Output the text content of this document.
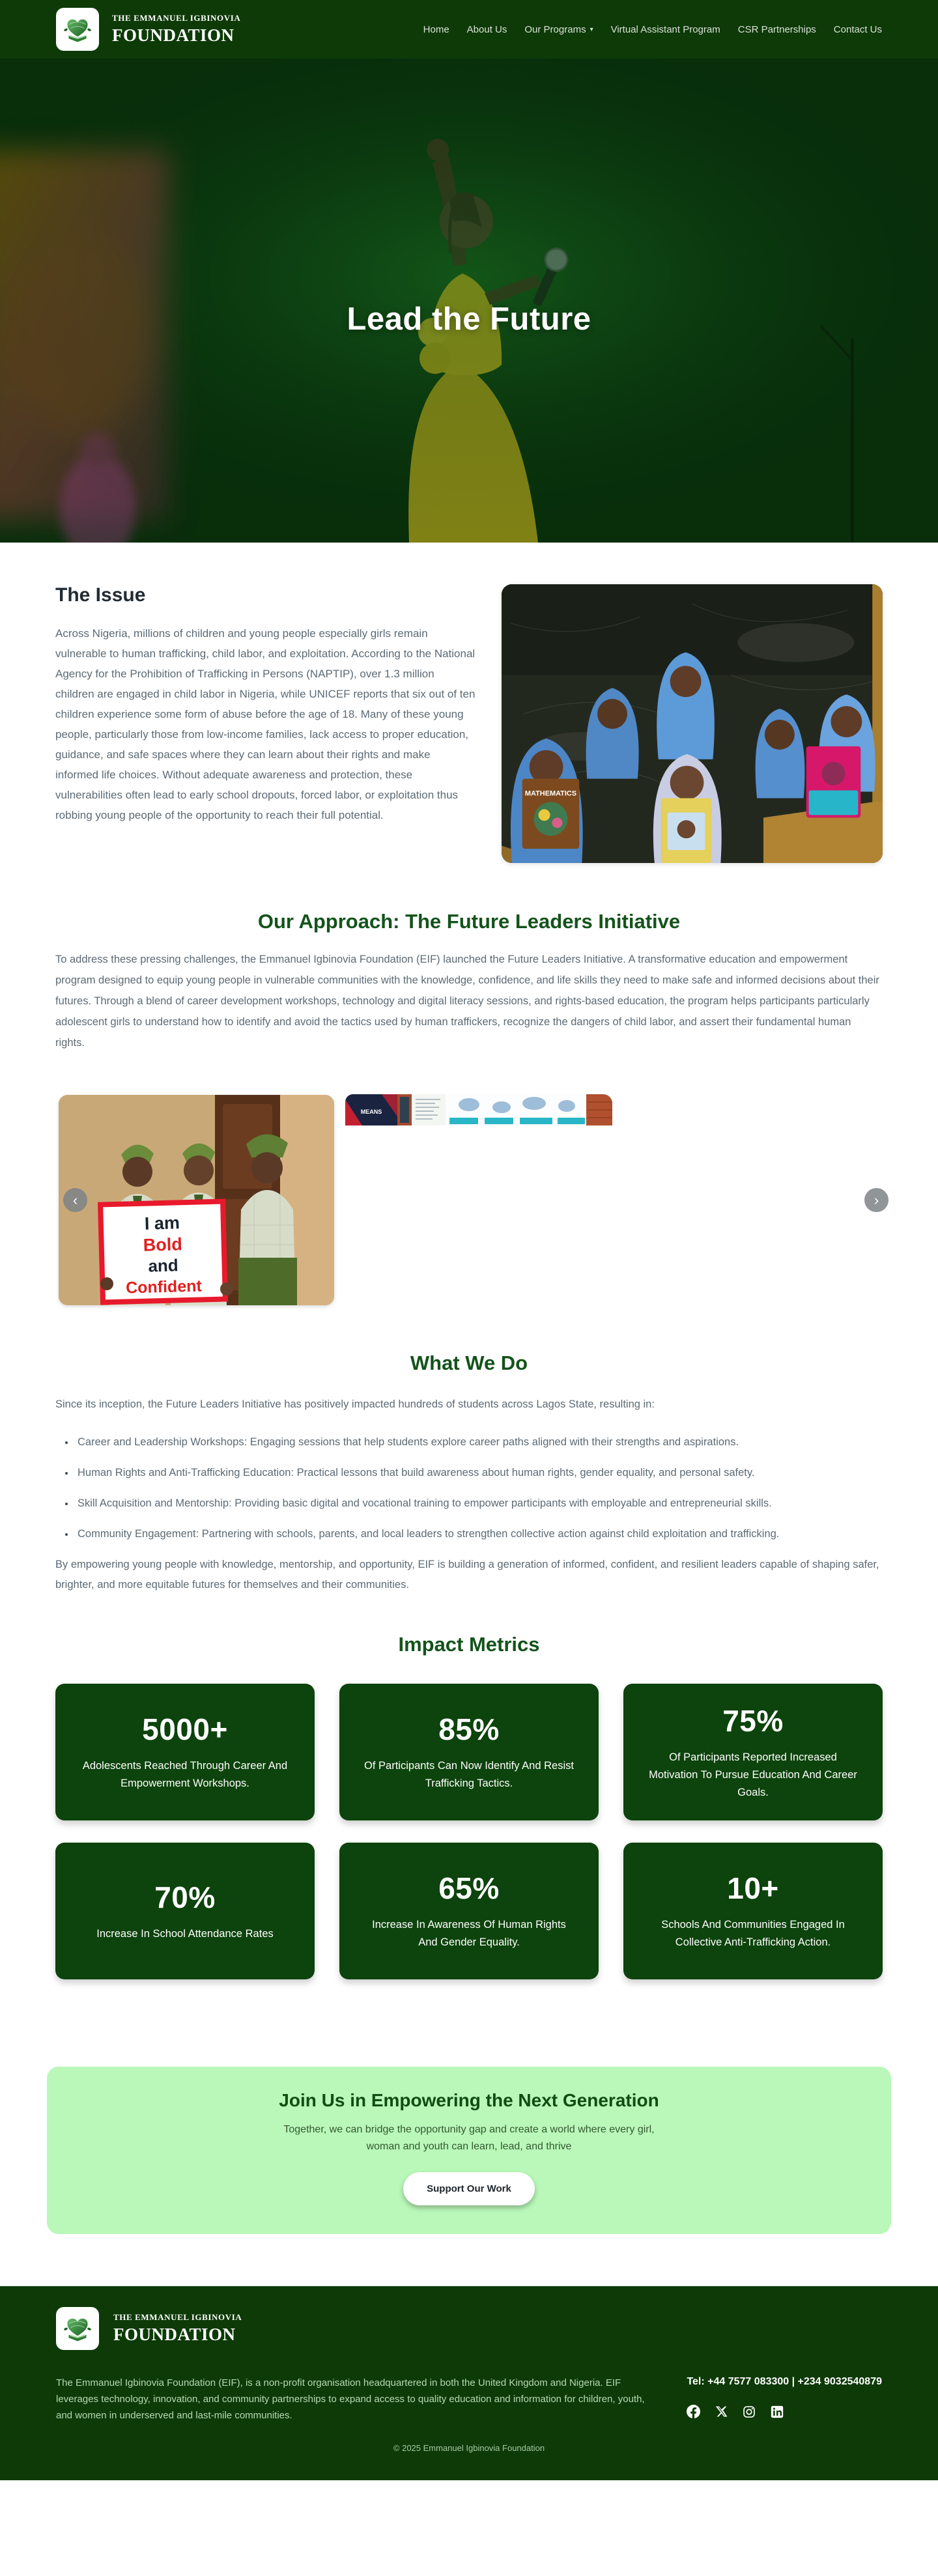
THE EMMANUEL IGBINOVIA
FOUNDATION	Home About Us Our Programs ▾ Virtual Assistant Program CSR Partnerships Contact Us
Lead the Future
The Issue

Across Nigeria, millions of children and young people especially girls remain vulnerable to human trafficking, child labor, and exploitation. According to the National Agency for the Prohibition of Trafficking in Persons (NAPTIP), over 1.3 million children are engaged in child labor in Nigeria, while UNICEF reports that six out of ten children experience some form of abuse before the age of 18. Many of these young people, particularly those from low-income families, lack access to proper education, guidance, and safe spaces where they can learn about their rights and make informed life choices. Without adequate awareness and protection, these vulnerabilities often lead to early school dropouts, forced labor, or exploitation thus robbing young people of the opportunity to reach their full potential.

MATHEMATICS
Our Approach: The Future Leaders Initiative

To address these pressing challenges, the Emmanuel Igbinovia Foundation (EIF) launched the Future Leaders Initiative. A transformative education and empowerment program designed to equip young people in vulnerable communities with the knowledge, confidence, and life skills they need to make safe and informed decisions about their futures. Through a blend of career development workshops, technology and digital literacy sessions, and rights-based education, the program helps participants particularly adolescent girls to understand how to identify and avoid the tactics used by human traffickers, recognize the dangers of child labor, and assert their fundamental human rights.

I am
Bold
and
Confident
MEANS
‹	›
What We Do

Since its inception, the Future Leaders Initiative has positively impacted hundreds of students across Lagos State, resulting in:

• Career and Leadership Workshops: Engaging sessions that help students explore career paths aligned with their strengths and aspirations.
• Human Rights and Anti-Trafficking Education: Practical lessons that build awareness about human rights, gender equality, and personal safety.
• Skill Acquisition and Mentorship: Providing basic digital and vocational training to empower participants with employable and entrepreneurial skills.
• Community Engagement: Partnering with schools, parents, and local leaders to strengthen collective action against child exploitation and trafficking.

By empowering young people with knowledge, mentorship, and opportunity, EIF is building a generation of informed, confident, and resilient leaders capable of shaping safer, brighter, and more equitable futures for themselves and their communities.

Impact Metrics
5000+
Adolescents Reached Through Career And Empowerment Workshops.
85%
Of Participants Can Now Identify And Resist Trafficking Tactics.
75%
Of Participants Reported Increased Motivation To Pursue Education And Career Goals.
70%
Increase In School Attendance Rates
65%
Increase In Awareness Of Human Rights And Gender Equality.
10+
Schools And Communities Engaged In Collective Anti-Trafficking Action.
Join Us in Empowering the Next Generation
Together, we can bridge the opportunity gap and create a world where every girl,
woman and youth can learn, lead, and thrive
Support Our Work
THE EMMANUEL IGBINOVIA
FOUNDATION

The Emmanuel Igbinovia Foundation (EIF), is a non-profit organisation headquartered in both the United Kingdom and Nigeria. EIF leverages technology, innovation, and community partnerships to expand access to quality education and information for children, youth, and women in underserved and last-mile communities.

Tel: +44 7577 083300 | +234 9032540879
© 2025 Emmanuel Igbinovia Foundation
